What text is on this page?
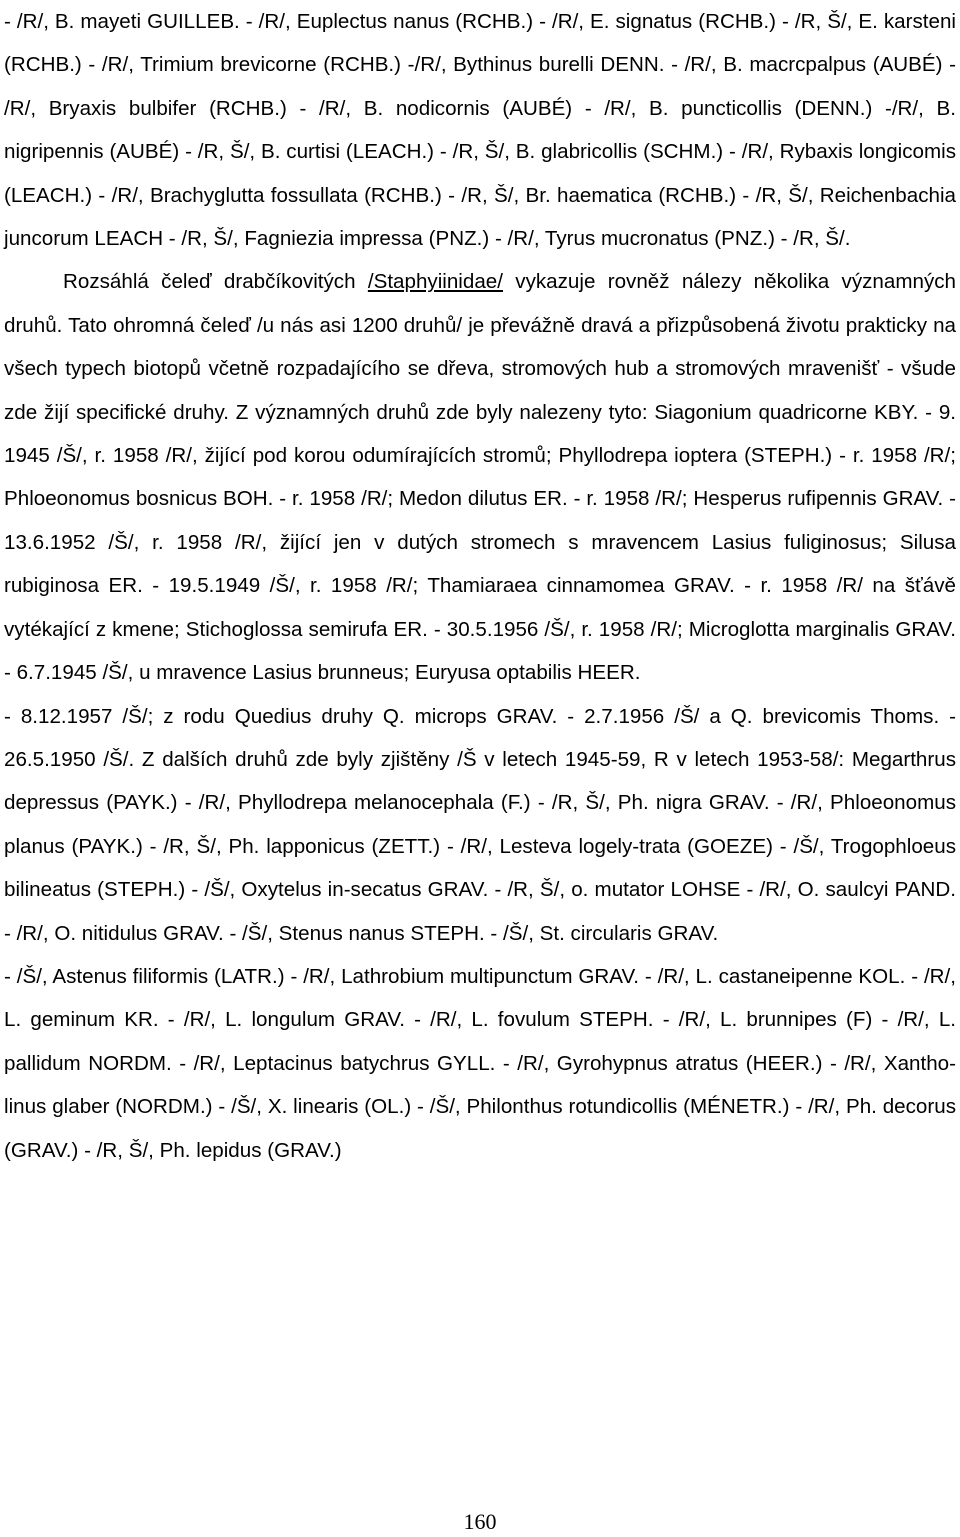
- /R/, B. mayeti GUILLEB. - /R/, Euplectus nanus (RCHB.) - /R/, E. signatus (RCHB.) - /R, Š/, E. karsteni (RCHB.) - /R/, Trimium brevicorne (RCHB.) -/R/, Bythinus burelli DENN. - /R/, B. macrcpalpus (AUBÉ) - /R/, Bryaxis bulbifer (RCHB.) - /R/, B. nodicornis (AUBÉ) - /R/, B. puncticollis (DENN.) -/R/, B. nigripennis (AUBÉ) - /R, Š/, B. curtisi (LEACH.) - /R, Š/, B. glabricollis (SCHM.) - /R/, Rybaxis longicomis (LEACH.) - /R/, Brachyglutta fossullata (RCHB.) - /R, Š/, Br. haematica (RCHB.) - /R, Š/, Reichenbachia juncorum LEACH - /R, Š/, Fagniezia impressa (PNZ.) - /R/, Tyrus mucronatus (PNZ.) - /R, Š/.

Rozsáhlá čeleď drabčíkovitých /Staphyiinidae/ vykazuje rovněž nálezy několika významných druhů. Tato ohromná čeleď /u nás asi 1200 druhů/ je převážně dravá a přizpůsobená životu prakticky na všech typech biotopů včetně rozpadajícího se dřeva, stromových hub a stromových mravenišť - všude zde žijí specifické druhy. Z významných druhů zde byly nalezeny tyto: Siagonium quadricorne KBY. - 9. 1945 /Š/, r. 1958 /R/, žijící pod korou odumírajících stromů; Phyllodrepa ioptera (STEPH.) - r. 1958 /R/; Phloeonomus bosnicus BOH. - r. 1958 /R/; Medon dilutus ER. - r. 1958 /R/; Hesperus rufipennis GRAV. - 13.6.1952 /Š/, r. 1958 /R/, žijící jen v dutých stromech s mravencem Lasius fuliginosus; Silusa rubiginosa ER. - 19.5.1949 /Š/, r. 1958 /R/; Thamiaraea cinnamomea GRAV. - r. 1958 /R/ na šťávě vytékající z kmene; Stichoglossa semirufa ER. - 30.5.1956 /Š/, r. 1958 /R/; Microglotta marginalis GRAV. - 6.7.1945 /Š/, u mravence Lasius brunneus; Euryusa optabilis HEER.

- 8.12.1957 /Š/; z rodu Quedius druhy Q. microps GRAV. - 2.7.1956 /Š/ a Q. brevicomis Thoms. - 26.5.1950 /Š/. Z dalších druhů zde byly zjištěny /Š v letech 1945-59, R v letech 1953-58/: Megarthrus depressus (PAYK.) - /R/, Phyllodrepa melanocephala (F.) - /R, Š/, Ph. nigra GRAV. - /R/, Phloeonomus planus (PAYK.) - /R, Š/, Ph. lapponicus (ZETT.) - /R/, Lesteva logely-trata (GOEZE) - /Š/, Trogophloeus bilineatus (STEPH.) - /Š/, Oxytelus in-secatus GRAV. - /R, Š/, o. mutator LOHSE - /R/, O. saulcyi PAND. - /R/, O. nitidulus GRAV. - /Š/, Stenus nanus STEPH. - /Š/, St. circularis GRAV.

- /Š/, Astenus filiformis (LATR.) - /R/, Lathrobium multipunctum GRAV. - /R/, L. castaneipenne KOL. - /R/, L. geminum KR. - /R/, L. longulum GRAV. - /R/, L. fovulum STEPH. - /R/, L. brunnipes (F) - /R/, L. pallidum NORDM. - /R/, Leptacinus batychrus GYLL. - /R/, Gyrohypnus atratus (HEER.) - /R/, Xantho-linus glaber (NORDM.) - /Š/, X. linearis (OL.) - /Š/, Philonthus rotundicollis (MÉNETR.) - /R/, Ph. decorus (GRAV.) - /R, Š/, Ph. lepidus (GRAV.)

160
